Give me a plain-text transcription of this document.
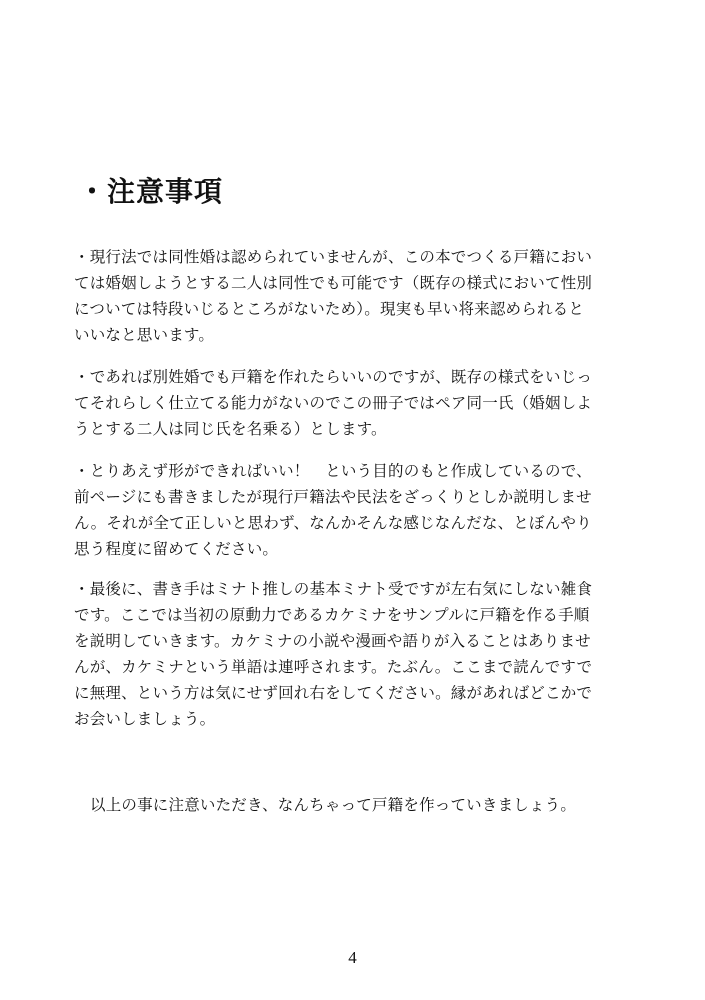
・注意事項
・現行法では同性婚は認められていませんが、この本でつくる戸籍におい
ては婚姻しようとする二人は同性でも可能です（既存の様式において性別
については特段いじるところがないため）。現実も早い将来認められると
いいなと思います。
・であれば別姓婚でも戸籍を作れたらいいのですが、既存の様式をいじっ
てそれらしく仕立てる能力がないのでこの冊子ではペア同一氏（婚姻しよ
うとする二人は同じ氏を名乗る）とします。
・とりあえず形ができればいい！　という目的のもと作成しているので、
前ページにも書きましたが現行戸籍法や民法をざっくりとしか説明しませ
ん。それが全て正しいと思わず、なんかそんな感じなんだな、とぼんやり
思う程度に留めてください。
・最後に、書き手はミナト推しの基本ミナト受ですが左右気にしない雑食
です。ここでは当初の原動力であるカケミナをサンプルに戸籍を作る手順
を説明していきます。カケミナの小説や漫画や語りが入ることはありませ
んが、カケミナという単語は連呼されます。たぶん。ここまで読んですで
に無理、という方は気にせず回れ右をしてください。縁があればどこかで
お会いしましょう。
以上の事に注意いただき、なんちゃって戸籍を作っていきましょう。
4
